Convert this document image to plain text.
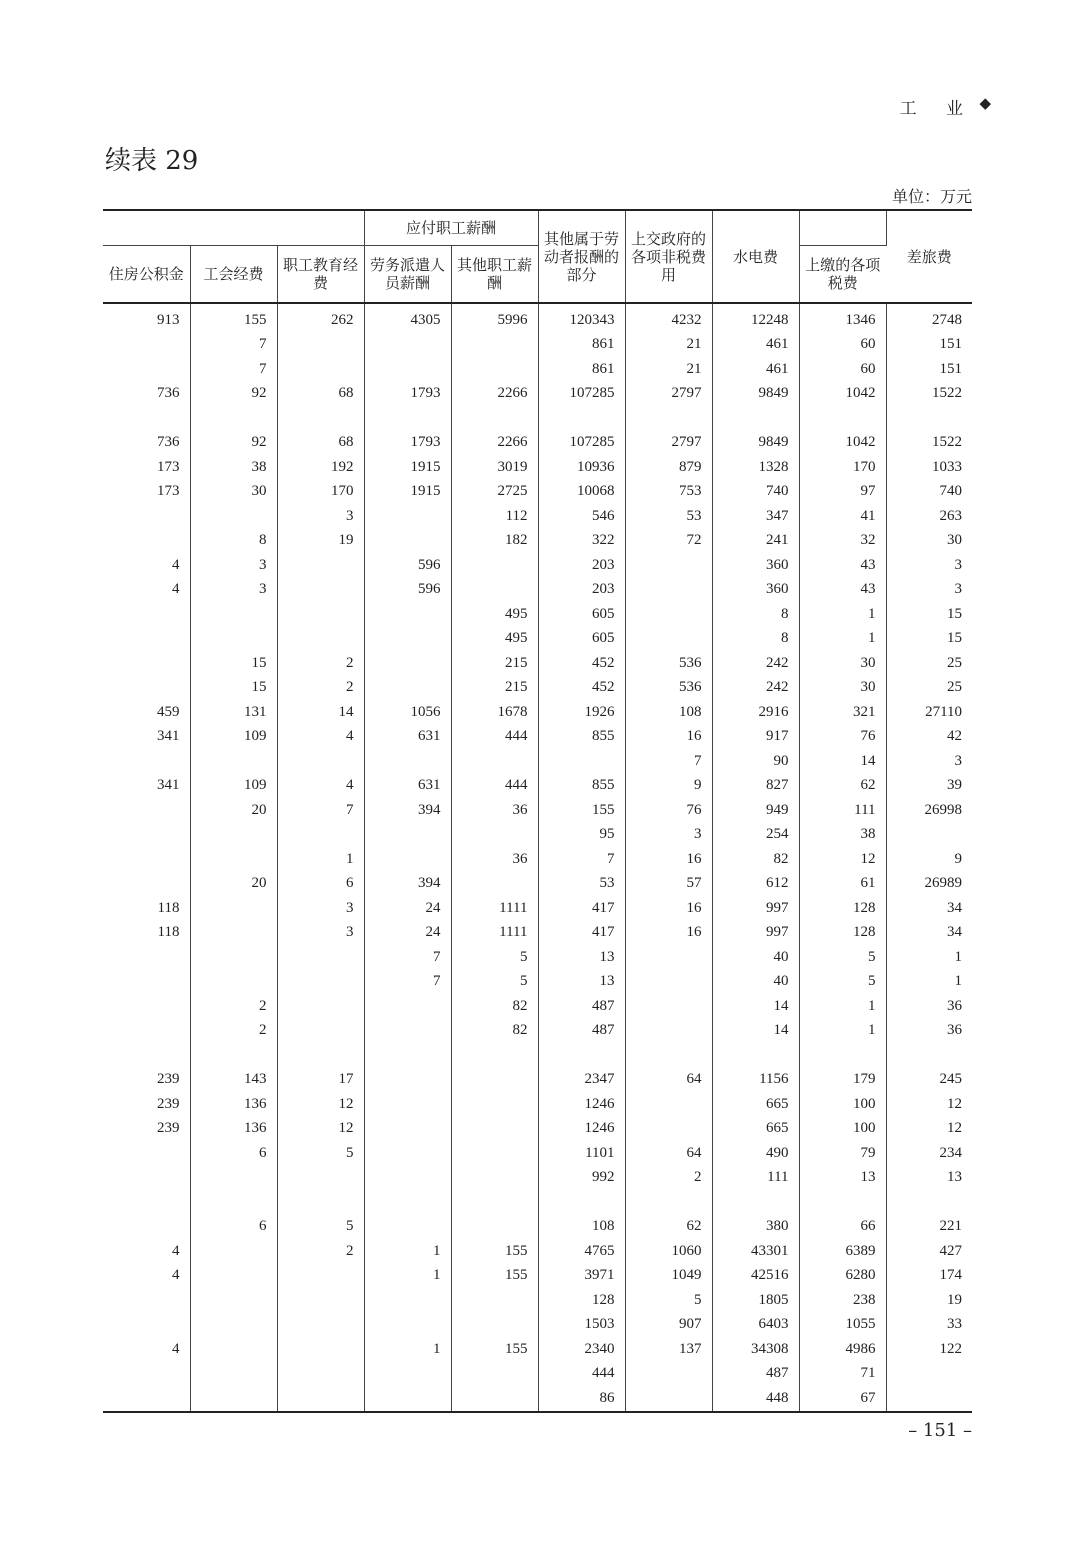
工 业 ◆
续表 29
单位：万元
			应付职工薪酬		其他属于劳动者报酬的部分	上交政府的各项非税费用	水电费		差旅费
住房公积金	工会经费	职工教育经费	劳务派遣人员薪酬	其他职工薪酬				上缴的各项税费	
913	155	262	4305	5996	120343	4232	12248	1346	2748
	7				861	21	461	60	151
	7				861	21	461	60	151
736	92	68	1793	2266	107285	2797	9849	1042	1522

736	92	68	1793	2266	107285	2797	9849	1042	1522
173	38	192	1915	3019	10936	879	1328	170	1033
173	30	170	1915	2725	10068	753	740	97	740
		3		112	546	53	347	41	263
	8	19		182	322	72	241	32	30
4	3		596		203		360	43	3
4	3		596		203		360	43	3
				495	605		8	1	15
				495	605		8	1	15
	15	2		215	452	536	242	30	25
	15	2		215	452	536	242	30	25
459	131	14	1056	1678	1926	108	2916	321	27110
341	109	4	631	444	855	16	917	76	42
						7	90	14	3
341	109	4	631	444	855	9	827	62	39
	20	7	394	36	155	76	949	111	26998
					95	3	254	38	
		1		36	7	16	82	12	9
	20	6	394		53	57	612	61	26989
118		3	24	1111	417	16	997	128	34
118		3	24	1111	417	16	997	128	34
			7	5	13		40	5	1
			7	5	13		40	5	1
	2			82	487		14	1	36
	2			82	487		14	1	36

239	143	17			2347	64	1156	179	245
239	136	12			1246		665	100	12
239	136	12			1246		665	100	12
	6	5			1101	64	490	79	234
					992	2	111	13	13

	6	5			108	62	380	66	221
4		2	1	155	4765	1060	43301	6389	427
4			1	155	3971	1049	42516	6280	174
					128	5	1805	238	19
					1503	907	6403	1055	33
4			1	155	2340	137	34308	4986	122
					444		487	71	
					86		448	67	
– 151 –
